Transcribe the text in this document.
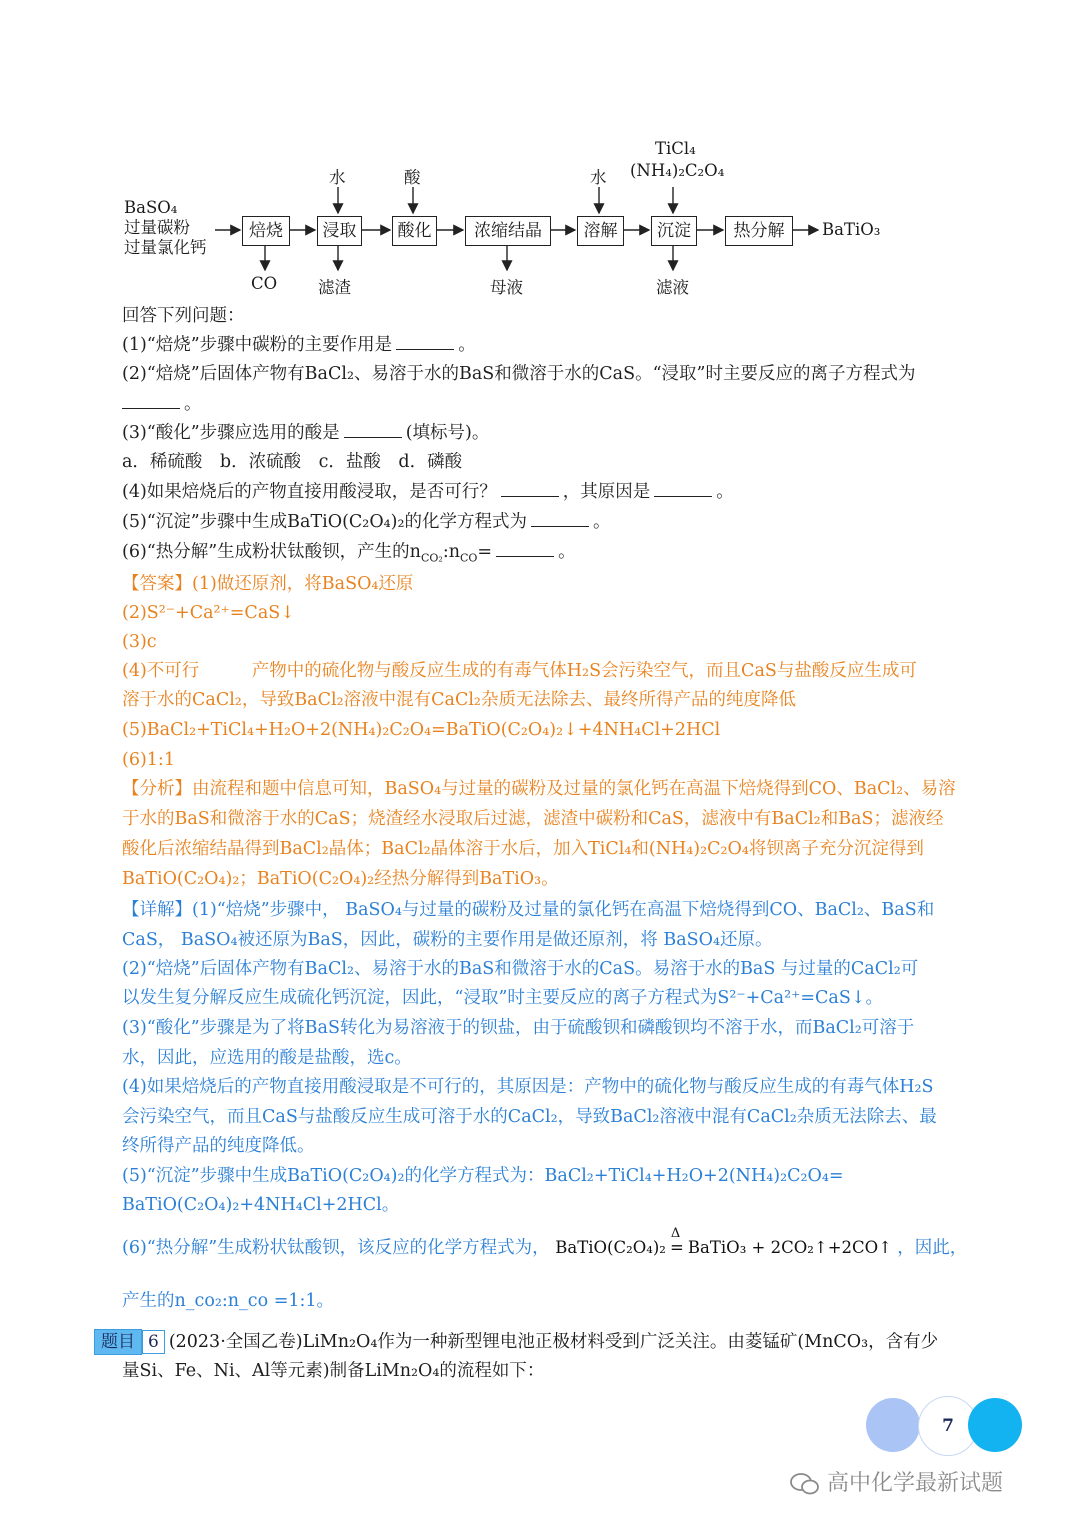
BaSO₄
过量碳粉
过量氯化钙
焙烧	浸取	酸化	浓缩结晶	溶解	沉淀	热分解
水	酸	水
TiCl₄
(NH₄)₂C₂O₄
CO 滤渣	母液	滤液
BaTiO₃
回答下列问题：
(1)“焙烧”步骤中碳粉的主要作用是	。
(2)“焙烧”后固体产物有BaCl₂、易溶于水的BaS和微溶于水的CaS。“浸取”时主要反应的离子方程式为
。
(3)“酸化”步骤应选用的酸是	(填标号)。
a．稀硫酸　b．浓硫酸　c．盐酸　d．磷酸
(4)如果焙烧后的产物直接用酸浸取，是否可行？	，其原因是	。
(5)“沉淀”步骤中生成BaTiO(C₂O₄)₂的化学方程式为	。
(6)“热分解”生成粉状钛酸钡，产生的$n_{CO_2}:n_{CO}=$	。
【答案】(1)做还原剂，将BaSO₄还原
(2)S²⁻+Ca²⁺=CaS↓
(3)c
(4)不可行　　　产物中的硫化物与酸反应生成的有毒气体H₂S会污染空气，而且CaS与盐酸反应生成可
溶于水的CaCl₂，导致BaCl₂溶液中混有CaCl₂杂质无法除去、最终所得产品的纯度降低
(5)BaCl₂+TiCl₄+H₂O+2(NH₄)₂C₂O₄=BaTiO(C₂O₄)₂↓+4NH₄Cl+2HCl
(6)1:1
【分析】由流程和题中信息可知，BaSO₄与过量的碳粉及过量的氯化钙在高温下焙烧得到CO、BaCl₂、易溶
于水的BaS和微溶于水的CaS；烧渣经水浸取后过滤，滤渣中碳粉和CaS，滤液中有BaCl₂和BaS；滤液经
酸化后浓缩结晶得到BaCl₂晶体；BaCl₂晶体溶于水后，加入TiCl₄和(NH₄)₂C₂O₄将钡离子充分沉淀得到
BaTiO(C₂O₄)₂；BaTiO(C₂O₄)₂经热分解得到BaTiO₃。
【详解】(1)“焙烧”步骤中， BaSO₄与过量的碳粉及过量的氯化钙在高温下焙烧得到CO、BaCl₂、BaS和
CaS， BaSO₄被还原为BaS，因此，碳粉的主要作用是做还原剂，将 BaSO₄还原。
(2)“焙烧”后固体产物有BaCl₂、易溶于水的BaS和微溶于水的CaS。易溶于水的BaS 与过量的CaCl₂可
以发生复分解反应生成硫化钙沉淀，因此，“浸取”时主要反应的离子方程式为S²⁻+Ca²⁺=CaS↓。
(3)“酸化”步骤是为了将BaS转化为易溶液于的钡盐，由于硫酸钡和磷酸钡均不溶于水，而BaCl₂可溶于
水，因此，应选用的酸是盐酸，选c。
(4)如果焙烧后的产物直接用酸浸取是不可行的，其原因是：产物中的硫化物与酸反应生成的有毒气体H₂S
会污染空气，而且CaS与盐酸反应生成可溶于水的CaCl₂，导致BaCl₂溶液中混有CaCl₂杂质无法除去、最
终所得产品的纯度降低。
(5)“沉淀”步骤中生成BaTiO(C₂O₄)₂的化学方程式为：BaCl₂+TiCl₄+H₂O+2(NH₄)₂C₂O₄=
BaTiO(C₂O₄)₂+4NH₄Cl+2HCl。
(6)“热分解”生成粉状钛酸钡，该反应的化学方程式为， BaTiO(C₂O₄)₂
Δ
= BaTiO₃ + 2CO₂↑+2CO↑ ，因此，
产生的n_co₂:n_co =1:1。
题目 6 (2023·全国乙卷)LiMn₂O₄作为一种新型锂电池正极材料受到广泛关注。由菱锰矿(MnCO₃，含有少
量Si、Fe、Ni、Al等元素)制备LiMn₂O₄的流程如下：
7
高中化学最新试题
